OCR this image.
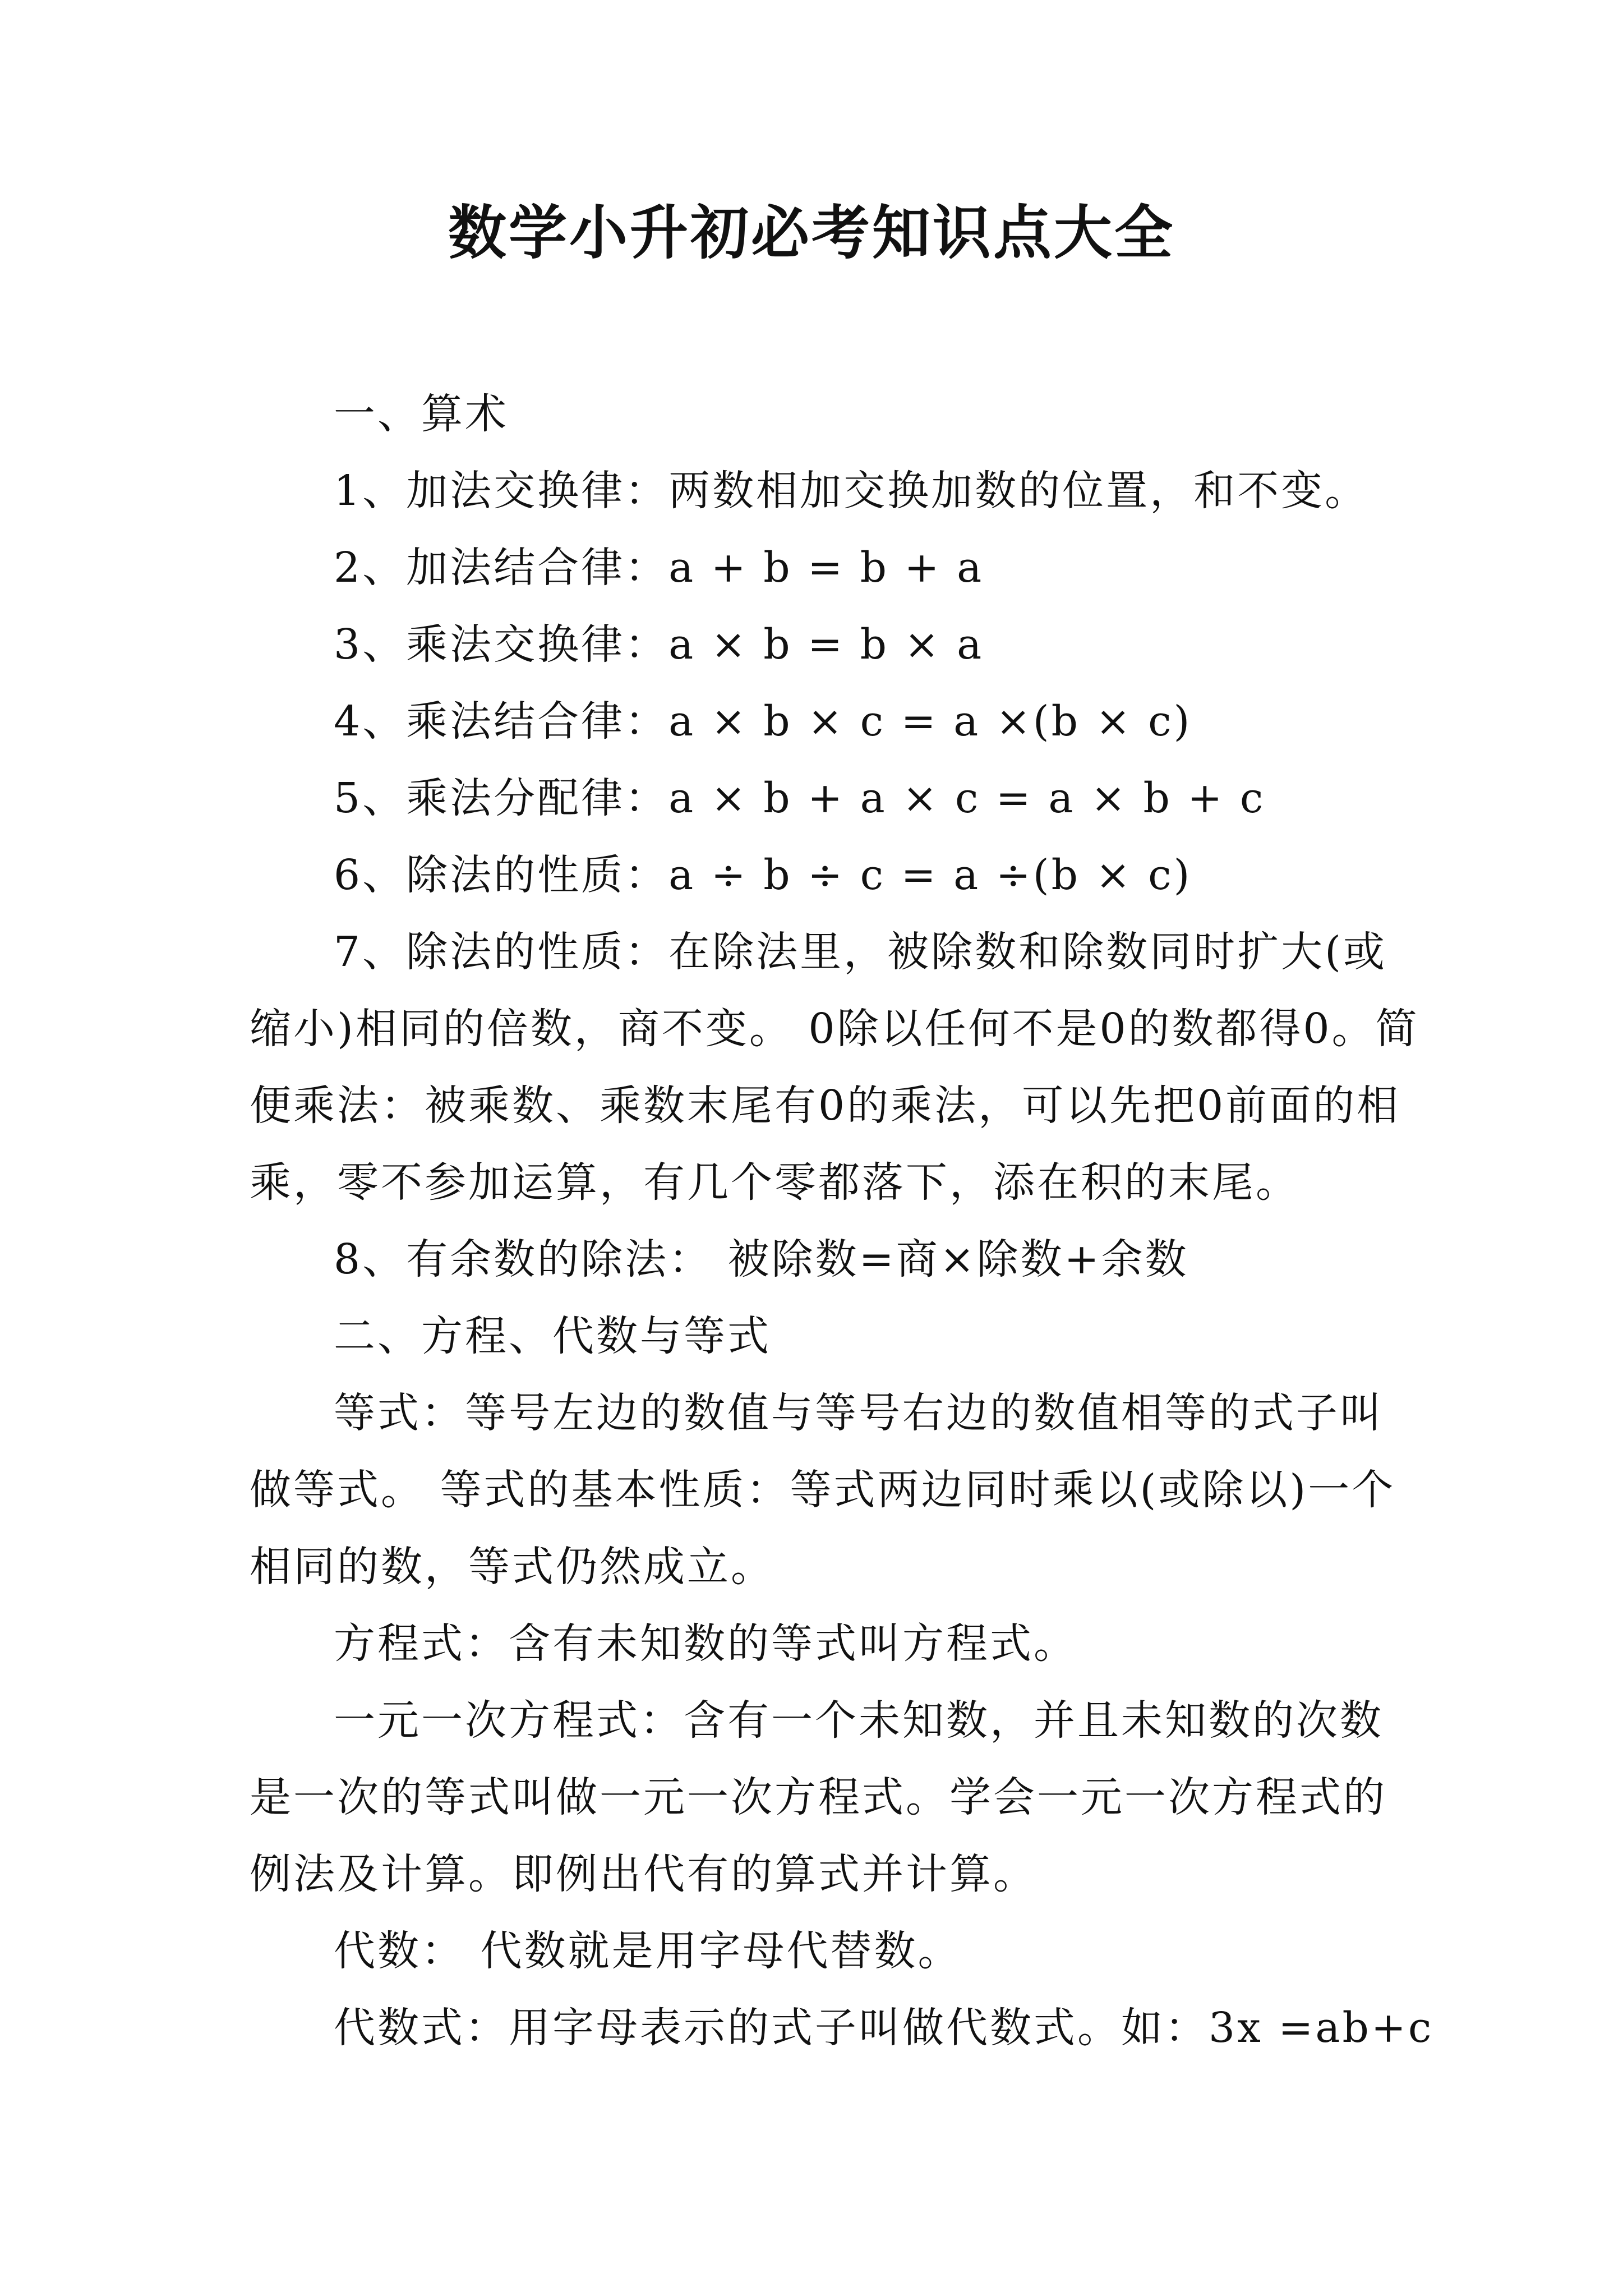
数学小升初必考知识点大全

一、算术

1、加法交换律：两数相加交换加数的位置，和不变。

2、加法结合律：a + b = b + a

3、乘法交换律：a × b = b × a

4、乘法结合律：a × b × c = a ×(b × c)

5、乘法分配律：a × b + a × c = a × b + c

6、除法的性质：a ÷ b ÷ c = a ÷(b × c)

7、除法的性质：在除法里，被除数和除数同时扩大(或缩小)相同的倍数，商不变。 0除以任何不是0的数都得0。简便乘法：被乘数、乘数末尾有0的乘法，可以先把0前面的相乘，零不参加运算，有几个零都落下，添在积的末尾。

8、有余数的除法： 被除数=商×除数+余数

二、方程、代数与等式

等式：等号左边的数值与等号右边的数值相等的式子叫做等式。 等式的基本性质：等式两边同时乘以(或除以)一个相同的数，等式仍然成立。

方程式：含有未知数的等式叫方程式。

一元一次方程式：含有一个未知数，并且未知数的次数是一次的等式叫做一元一次方程式。学会一元一次方程式的例法及计算。即例出代有的算式并计算。

代数： 代数就是用字母代替数。

代数式：用字母表示的式子叫做代数式。如：3x =ab+c
